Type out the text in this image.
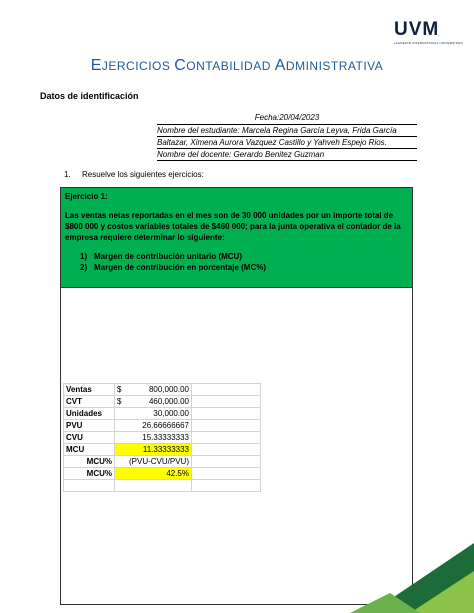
UVM
LAUREATE INTERNATIONAL UNIVERSITIES
EJERCICIOS CONTABILIDAD ADMINISTRATIVA
Datos de identificación
Fecha:20/04/2023
Nombre del estudiante: Marcela Regina García Leyva, Frida García
Baltazar, Ximena Aurora Vazquez Castillo y Yahveh Espejo Rios.
Nombre del docente: Gerardo Benitez Guzman
1. Resuelve los siguientes ejercicios:

Ejercicio 1:

Las ventas netas reportadas en el mes son de 30 000 unidades por un importe total de $800 000 y costos variables totales de $460 000; para la junta operativa el contador de la empresa requiere determinar lo siguiente:

1) Margen de contribución unitario (MCU)
2) Margen de contribución en porcentaje (MC%)
Ventas	$ 800,000.00	
CVT	$ 460,000.00	
Unidades	30,000.00	
PVU	26.66666667	
CVU	15.33333333	
MCU	11.33333333	
MCU%	(PVU-CVU/PVU)	
MCU%	42.5%	
